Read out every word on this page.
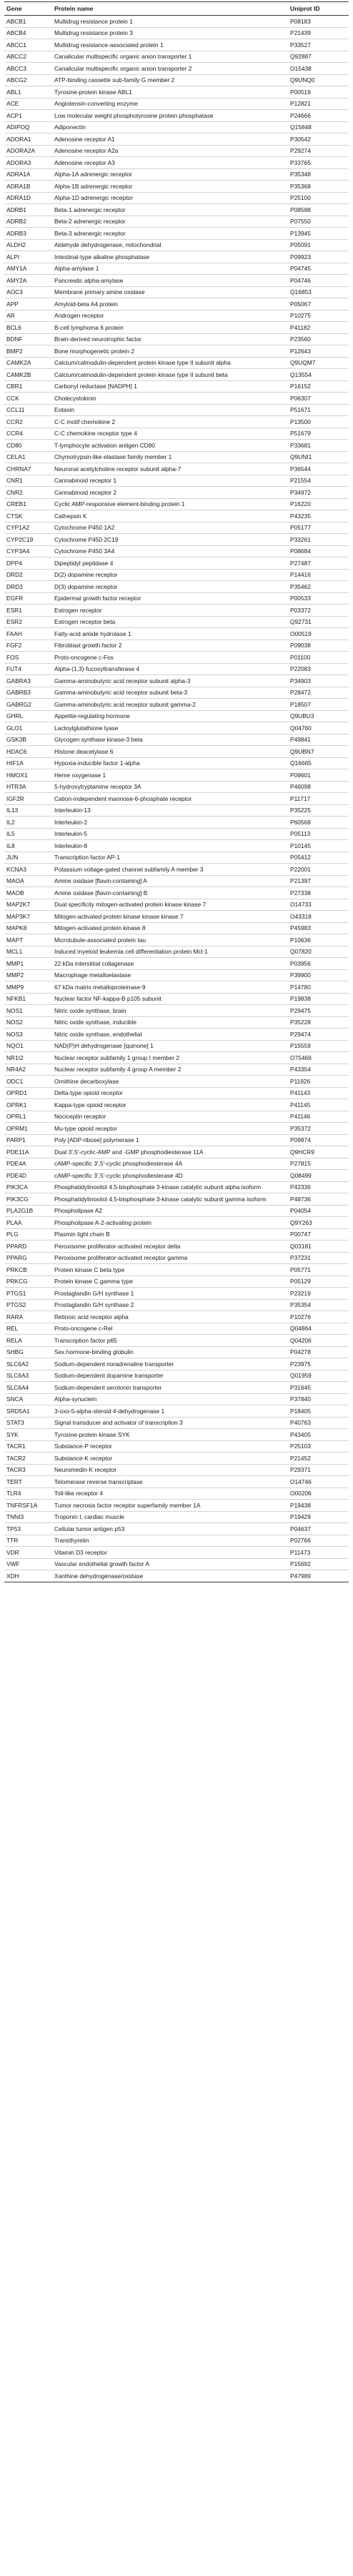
Gene	Protein name	Uniprot ID
ABCB1	Multidrug resistance protein 1	P08183
ABCB4	Multidrug resistance protein 3	P21439
ABCC1	Multidrug resistance-associated protein 1	P33527
ABCC2	Canalicular multispecific organic anion transporter 1	Q92887
ABCC3	Canalicular multispecific organic anion transporter 2	O15438
ABCG2	ATP-binding cassette sub-family G member 2	Q9UNQ0
ABL1	Tyrosine-protein kinase ABL1	P00519
ACE	Angiotensin-converting enzyme	P12821
ACP1	Low molecular weight phosphotyrosine protein phosphatase	P24666
ADIPOQ	Adiponectin	Q15848
ADORA1	Adenosine receptor A1	P30542
ADORA2A	Adenosine receptor A2a	P29274
ADORA3	Adenosine receptor A3	P33765
ADRA1A	Alpha-1A adrenergic receptor	P35348
ADRA1B	Alpha-1B adrenergic receptor	P35368
ADRA1D	Alpha-1D adrenergic receptor	P25100
ADRB1	Beta-1 adrenergic receptor	P08588
ADRB2	Beta-2 adrenergic receptor	P07550
ADRB3	Beta-3 adrenergic receptor	P13945
ALDH2	Aldehyde dehydrogenase, mitochondrial	P05091
ALPI	Intestinal-type alkaline phosphatase	P09923
AMY1A	Alpha-amylase 1	P04745
AMY2A	Pancreatic alpha-amylase	P04746
AOC3	Membrane primary amine oxidase	Q16853
APP	Amyloid-beta A4 protein	P05067
AR	Androgen receptor	P10275
BCL6	B-cell lymphoma 6 protein	P41182
BDNF	Brain-derived neurotrophic factor	P23560
BMP2	Bone morphogenetic protein 2	P12643
CAMK2A	Calcium/calmodulin-dependent protein kinase type II subunit alpha	Q9UQM7
CAMK2B	Calcium/calmodulin-dependent protein kinase type II subunit beta	Q13554
CBR1	Carbonyl reductase [NADPH] 1	P16152
CCK	Cholecystokinin	P06307
CCL11	Eotaxin	P51671
CCR2	C-C motif chemokine 2	P13500
CCR4	C-C chemokine receptor type 4	P51679
CD80	T-lymphocyte activation antigen CD80	P33681
CELA1	Chymotrypsin-like elastase family member 1	Q9UNI1
CHRNA7	Neuronal acetylcholine receptor subunit alpha-7	P36544
CNR1	Cannabinoid receptor 1	P21554
CNR2	Cannabinoid receptor 2	P34972
CREB1	Cyclic AMP-responsive element-binding protein 1	P16220
CTSK	Cathepsin K	P43235
CYP1A2	Cytochrome P450 1A2	P05177
CYP2C19	Cytochrome P450 2C19	P33261
CYP3A4	Cytochrome P450 3A4	P08684
DPP4	Dipeptidyl peptidase 4	P27487
DRD2	D(2) dopamine receptor	P14416
DRD3	D(3) dopamine receptor	P35462
EGFR	Epidermal growth factor receptor	P00533
ESR1	Estrogen receptor	P03372
ESR2	Estrogen receptor beta	Q92731
FAAH	Fatty-acid amide hydrolase 1	O00519
FGF2	Fibroblast growth factor 2	P09038
FOS	Proto-oncogene c-Fos	P01100
FUT4	Alpha-(1,3)-fucosyltransferase 4	P22083
GABRA3	Gamma-aminobutyric acid receptor subunit alpha-3	P34903
GABRB3	Gamma-aminobutyric acid receptor subunit beta-3	P28472
GABRG2	Gamma-aminobutyric acid receptor subunit gamma-2	P18507
GHRL	Appetite-regulating hormone	Q9UBU3
GLO1	Lactoylglutathione lyase	Q04760
GSK3B	Glycogen synthase kinase-3 beta	P49841
HDAC6	Histone deacetylase 6	Q9UBN7
HIF1A	Hypoxia-inducible factor 1-alpha	Q16665
HMOX1	Heme oxygenase 1	P09601
HTR3A	5-hydroxytryptamine receptor 3A	P46098
IGF2R	Cation-independent mannose-6-phosphate receptor	P11717
IL13	Interleukin-13	P35225
IL2	Interleukin-2	P60568
IL5	Interleukin-5	P05113
IL8	Interleukin-8	P10145
JUN	Transcription factor AP-1	P05412
KCNA3	Potassium voltage-gated channel subfamily A member 3	P22001
MAOA	Amine oxidase [flavin-containing] A	P21397
MAOB	Amine oxidase [flavin-containing] B	P27338
MAP2K7	Dual specificity mitogen-activated protein kinase kinase 7	O14733
MAP3K7	Mitogen-activated protein kinase kinase kinase 7	O43318
MAPK8	Mitogen-activated protein kinase 8	P45983
MAPT	Microtubule-associated protein tau	P10636
MCL1	Induced myeloid leukemia cell differentiation protein Mcl-1	Q07820
MMP1	22 kDa interstitial collagenase	P03956
MMP2	Macrophage metalloelastase	P39900
MMP9	67 kDa matrix metalloproteinase-9	P14780
NFKB1	Nuclear factor NF-kappa-B p105 subunit	P19838
NOS1	Nitric oxide synthase, brain	P29475
NOS2	Nitric oxide synthase, inducible	P35228
NOS3	Nitric oxide synthase, endothelial	P29474
NQO1	NAD(P)H dehydrogenase [quinone] 1	P15559
NR1I2	Nuclear receptor subfamily 1 group I member 2	O75469
NR4A2	Nuclear receptor subfamily 4 group A member 2	P43354
ODC1	Ornithine decarboxylase	P11926
OPRD1	Delta-type opioid receptor	P41143
OPRK1	Kappa-type opioid receptor	P41145
OPRL1	Nociceptin receptor	P41146
OPRM1	Mu-type opioid receptor	P35372
PARP1	Poly [ADP-ribose] polymerase 1	P09874
PDE11A	Dual 3',5'-cyclic-AMP and -GMP phosphodiesterase 11A	Q9HCR9
PDE4A	cAMP-specific 3',5'-cyclic phosphodiesterase 4A	P27815
PDE4D	cAMP-specific 3',5'-cyclic phosphodiesterase 4D	Q08499
PIK3CA	Phosphatidylinositol 4,5-bisphosphate 3-kinase catalytic subunit alpha isoform	P42336
PIK3CG	Phosphatidylinositol 4,5-bisphosphate 3-kinase catalytic subunit gamma isoform	P48736
PLA2G1B	Phospholipase A2	P04054
PLAA	Phospholipase A-2-activating protein	Q9Y263
PLG	Plasmin light chain B	P00747
PPARD	Peroxisome proliferator-activated receptor delta	Q03181
PPARG	Peroxisome proliferator-activated receptor gamma	P37231
PRKCB	Protein kinase C beta type	P05771
PRKCG	Protein kinase C gamma type	P05129
PTGS1	Prostaglandin G/H synthase 1	P23219
PTGS2	Prostaglandin G/H synthase 2	P35354
RARA	Retinoic acid receptor alpha	P10276
REL	Proto-oncogene c-Rel	Q04864
RELA	Transcription factor p65	Q04206
SHBG	Sex hormone-binding globulin	P04278
SLC6A2	Sodium-dependent noradrenaline transporter	P23975
SLC6A3	Sodium-dependent dopamine transporter	Q01959
SLC6A4	Sodium-dependent serotonin transporter	P31645
SNCA	Alpha-synuclein	P37840
SRD5A1	3-oxo-5-alpha-steroid 4-dehydrogenase 1	P18405
STAT3	Signal transducer and activator of transcription 3	P40763
SYK	Tyrosine-protein kinase SYK	P43405
TACR1	Substance-P receptor	P25103
TACR2	Substance-K receptor	P21452
TACR3	Neuromedin-K receptor	P29371
TERT	Telomerase reverse transcriptase	O14746
TLR4	Toll-like receptor 4	O00206
TNFRSF1A	Tumor necrosis factor receptor superfamily member 1A	P19438
TNNI3	Troponin I, cardiac muscle	P19429
TP53	Cellular tumor antigen p53	P04637
TTR	Transthyretin	P02766
VDR	Vitamin D3 receptor	P11473
VWF	Vascular endothelial growth factor A	P15692
XDH	Xanthine dehydrogenase/oxidase	P47989
